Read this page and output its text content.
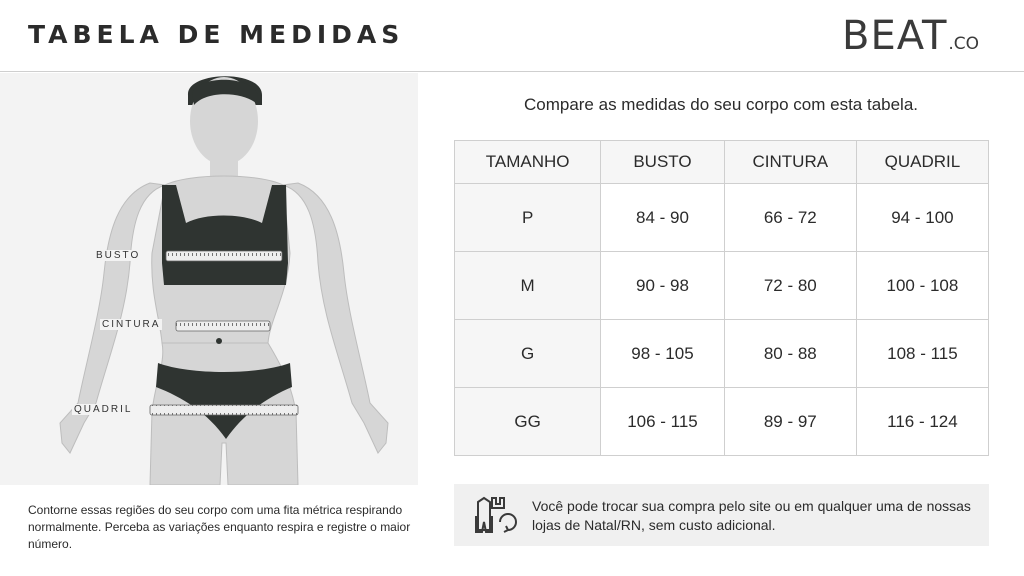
TABELA DE MEDIDAS	BEAT .CO
BUSTO
CINTURA
QUADRIL
Contorne essas regiões do seu corpo com uma fita métrica respirando normalmente. Perceba as variações enquanto respira e registre o maior número.
Compare as medidas do seu corpo com esta tabela.
TAMANHO	BUSTO	CINTURA	QUADRIL
P	84 - 90	66 - 72	94 - 100
M	90 - 98	72 - 80	100 - 108
G	98 - 105	80 - 88	108 - 115
GG	106 - 115	89 - 97	116 - 124
Você pode trocar sua compra pelo site ou em qualquer uma de nossas lojas de Natal/RN, sem custo adicional.
